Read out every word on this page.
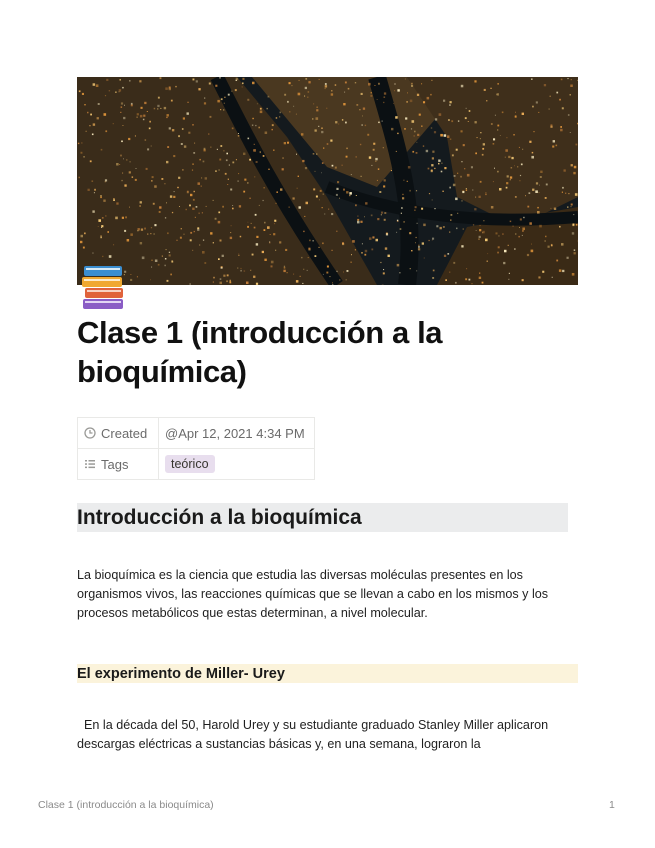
Clase 1 (introducción a la bioquímica)
Created	@Apr 12, 2021 4:34 PM

Tags	teórico
Introducción a la bioquímica

La bioquímica es la ciencia que estudia las diversas moléculas presentes en los organismos vivos, las reacciones químicas que se llevan a cabo en los mismos y los procesos metabólicos que estas determinan, a nivel molecular.

El experimento de Miller- Urey

En la década del 50, Harold Urey y su estudiante graduado Stanley Miller aplicaron descargas eléctricas a sustancias básicas y, en una semana, lograron la

Clase 1 (introducción a la bioquímica)	1
